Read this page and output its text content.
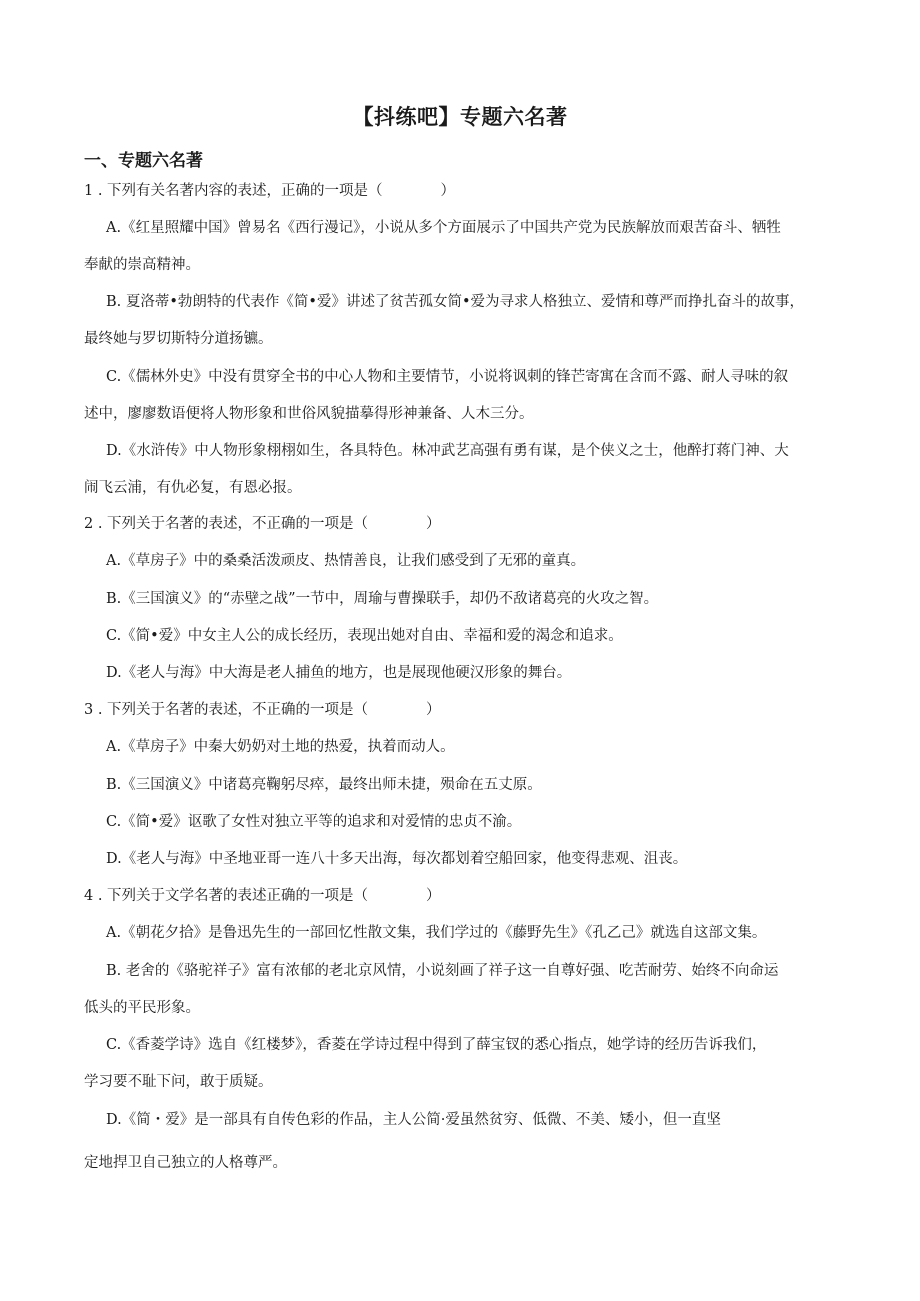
【抖练吧】专题六名著
一、专题六名著
1 . 下列有关名著内容的表述，正确的一项是（　　　　）
A.《红星照耀中国》曾易名《西行漫记》，小说从多个方面展示了中国共产党为民族解放而艰苦奋斗、牺牲
奉献的崇高精神。
B. 夏洛蒂•勃朗特的代表作《简•爱》讲述了贫苦孤女简•爱为寻求人格独立、爱情和尊严而挣扎奋斗的故事，
最终她与罗切斯特分道扬镳。
C.《儒林外史》中没有贯穿全书的中心人物和主要情节，小说将讽刺的锋芒寄寓在含而不露、耐人寻味的叙
述中，廖廖数语便将人物形象和世俗风貌描摹得形神兼备、人木三分。
D.《水浒传》中人物形象栩栩如生，各具特色。林冲武艺高强有勇有谋，是个侠义之士，他醉打蒋门神、大
闹飞云浦，有仇必复，有恩必报。
2 . 下列关于名著的表述，不正确的一项是（　　　　）
A.《草房子》中的桑桑活泼顽皮、热情善良，让我们感受到了无邪的童真。
B.《三国演义》的“赤壁之战”一节中，周瑜与曹操联手，却仍不敌诸葛亮的火攻之智。
C.《简•爱》中女主人公的成长经历，表现出她对自由、幸福和爱的渴念和追求。
D.《老人与海》中大海是老人捕鱼的地方，也是展现他硬汉形象的舞台。
3 . 下列关于名著的表述，不正确的一项是（　　　　）
A.《草房子》中秦大奶奶对土地的热爱，执着而动人。
B.《三国演义》中诸葛亮鞠躬尽瘁，最终出师未捷，殒命在五丈原。
C.《简•爱》讴歌了女性对独立平等的追求和对爱情的忠贞不渝。
D.《老人与海》中圣地亚哥一连八十多天出海，每次都划着空船回家，他变得悲观、沮丧。
4 . 下列关于文学名著的表述正确的一项是（　　　　）
A.《朝花夕拾》是鲁迅先生的一部回忆性散文集，我们学过的《藤野先生》《孔乙己》就选自这部文集。
B. 老舍的《骆驼祥子》富有浓郁的老北京风情，小说刻画了祥子这一自尊好强、吃苦耐劳、始终不向命运
低头的平民形象。
C.《香菱学诗》选自《红楼梦》，香菱在学诗过程中得到了薛宝钗的悉心指点，她学诗的经历告诉我们，
学习要不耻下问，敢于质疑。
D.《简・爱》是一部具有自传色彩的作品，主人公简·爱虽然贫穷、低微、不美、矮小，但一直坚
定地捍卫自己独立的人格尊严。
